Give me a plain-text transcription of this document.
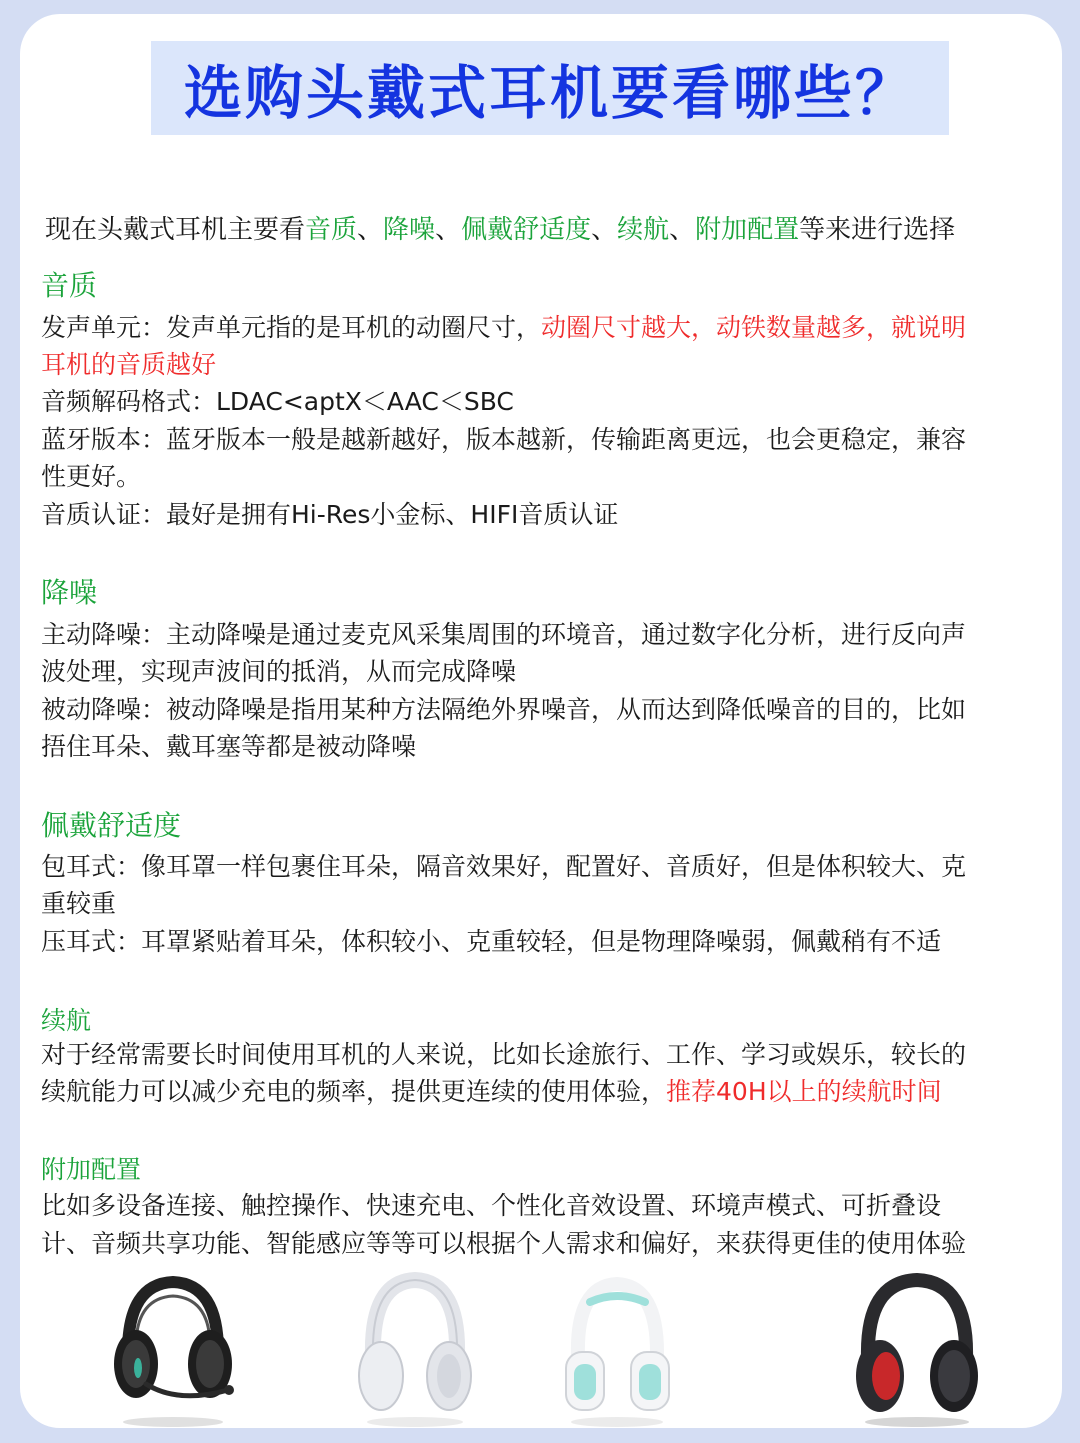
选购头戴式耳机要看哪些？
现在头戴式耳机主要看音质、降噪、佩戴舒适度、续航、附加配置等来进行选择
音质
发声单元：发声单元指的是耳机的动圈尺寸，动圈尺寸越大，动铁数量越多，就说明
耳机的音质越好
音频解码格式：LDAC<aptX＜AAC＜SBC
蓝牙版本：蓝牙版本一般是越新越好，版本越新，传输距离更远，也会更稳定，兼容
性更好。
音质认证：最好是拥有Hi-Res小金标、HIFI音质认证
降噪
主动降噪：主动降噪是通过麦克风采集周围的环境音，通过数字化分析，进行反向声
波处理，实现声波间的抵消，从而完成降噪
被动降噪：被动降噪是指用某种方法隔绝外界噪音，从而达到降低噪音的目的，比如
捂住耳朵、戴耳塞等都是被动降噪
佩戴舒适度
包耳式：像耳罩一样包裹住耳朵，隔音效果好，配置好、音质好，但是体积较大、克
重较重
压耳式：耳罩紧贴着耳朵，体积较小、克重较轻，但是物理降噪弱，佩戴稍有不适
续航
对于经常需要长时间使用耳机的人来说，比如长途旅行、工作、学习或娱乐，较长的
续航能力可以减少充电的频率，提供更连续的使用体验，推荐40H以上的续航时间
附加配置
比如多设备连接、触控操作、快速充电、个性化音效设置、环境声模式、可折叠设
计、音频共享功能、智能感应等等可以根据个人需求和偏好，来获得更佳的使用体验
